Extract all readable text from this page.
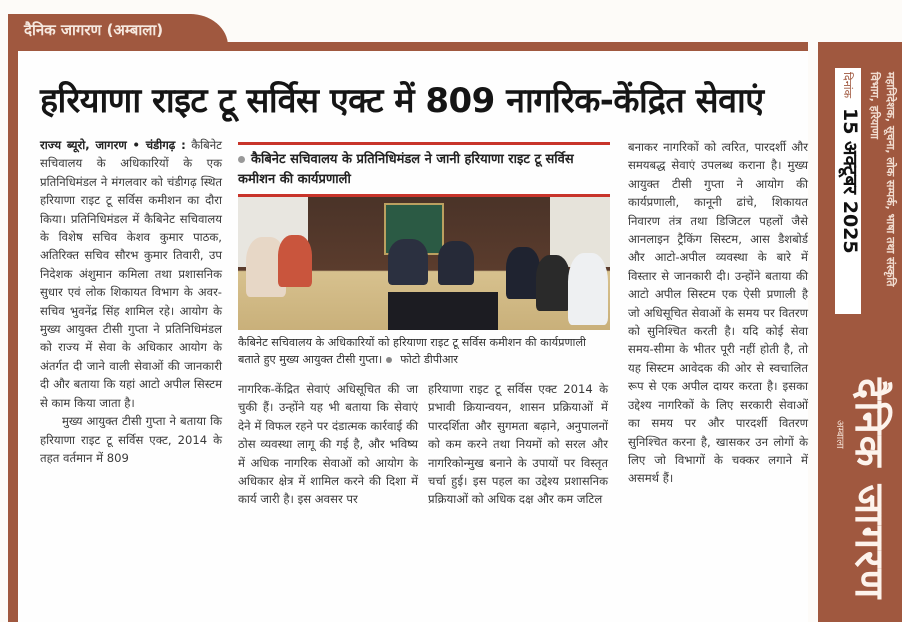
दैनिक जागरण (अम्बाला)
हरियाणा राइट टू सर्विस एक्ट में 809 नागरिक-केंद्रित सेवाएं
राज्य ब्यूरो, जागरण • चंडीगढ़ : कैबिनेट सचिवालय के अधिकारियों के एक प्रतिनिधिमंडल ने मंगलवार को चंडीगढ़ स्थित हरियाणा राइट टू सर्विस कमीशन का दौरा किया। प्रतिनिधिमंडल में कैबिनेट सचिवालय के विशेष सचिव केशव कुमार पाठक, अतिरिक्त सचिव सौरभ कुमार तिवारी, उप निदेशक अंशुमान कमिला तथा प्रशासनिक सुधार एवं लोक शिकायत विभाग के अवर-सचिव भुवनेंद्र सिंह शामिल रहे। आयोग के मुख्य आयुक्त टीसी गुप्ता ने प्रतिनिधिमंडल को राज्य में सेवा के अधिकार आयोग के अंतर्गत दी जाने वाली सेवाओं की जानकारी दी और बताया कि यहां आटो अपील सिस्टम से काम किया जाता है।
मुख्य आयुक्त टीसी गुप्ता ने बताया कि हरियाणा राइट टू सर्विस एक्ट, 2014 के तहत वर्तमान में 809
कैबिनेट सचिवालय के प्रतिनिधिमंडल ने जानी हरियाणा राइट टू सर्विस कमीशन की कार्यप्रणाली
कैबिनेट सचिवालय के अधिकारियों को हरियाणा राइट टू सर्विस कमीशन की कार्यप्रणाली बताते हुए मुख्य आयुक्त टीसी गुप्ता। फोटो डीपीआर
नागरिक-केंद्रित सेवाएं अधिसूचित की जा चुकी हैं। उन्होंने यह भी बताया कि सेवाएं देने में विफल रहने पर दंडात्मक कार्रवाई की ठोस व्यवस्था लागू की गई है, और भविष्य में अधिक नागरिक सेवाओं को आयोग के अधिकार क्षेत्र में शामिल करने की दिशा में कार्य जारी है। इस अवसर पर
हरियाणा राइट टू सर्विस एक्ट 2014 के प्रभावी क्रियान्वयन, शासन प्रक्रियाओं में पारदर्शिता और सुगमता बढ़ाने, अनुपालनों को कम करने तथा नियमों को सरल और नागरिकोन्मुख बनाने के उपायों पर विस्तृत चर्चा हुई। इस पहल का उद्देश्य प्रशासनिक प्रक्रियाओं को अधिक दक्ष और कम जटिल
बनाकर नागरिकों को त्वरित, पारदर्शी और समयबद्ध सेवाएं उपलब्ध कराना है। मुख्य आयुक्त टीसी गुप्ता ने आयोग की कार्यप्रणाली, कानूनी ढांचे, शिकायत निवारण तंत्र तथा डिजिटल पहलों जैसे आनलाइन ट्रैकिंग सिस्टम, आस डैशबोर्ड और आटो-अपील व्यवस्था के बारे में विस्तार से जानकारी दी। उन्होंने बताया की आटो अपील सिस्टम एक ऐसी प्रणाली है जो अधिसूचित सेवाओं के समय पर वितरण को सुनिश्चित करती है। यदि कोई सेवा समय-सीमा के भीतर पूरी नहीं होती है, तो यह सिस्टम आवेदक की ओर से स्वचालित रूप से एक अपील दायर करता है। इसका उद्देश्य नागरिकों के लिए सरकारी सेवाओं का समय पर और पारदर्शी वितरण सुनिश्चित करना है, खासकर उन लोगों के लिए जो विभागों के चक्कर लगाने में असमर्थ हैं।
दिनांक
15 अक्टूबर 2025	महानिदेशक, सूचना, लोक सम्पर्क, भाषा तथा संस्कृति विभाग, हरियाणा
दैनिक जागरण
अम्बाला
